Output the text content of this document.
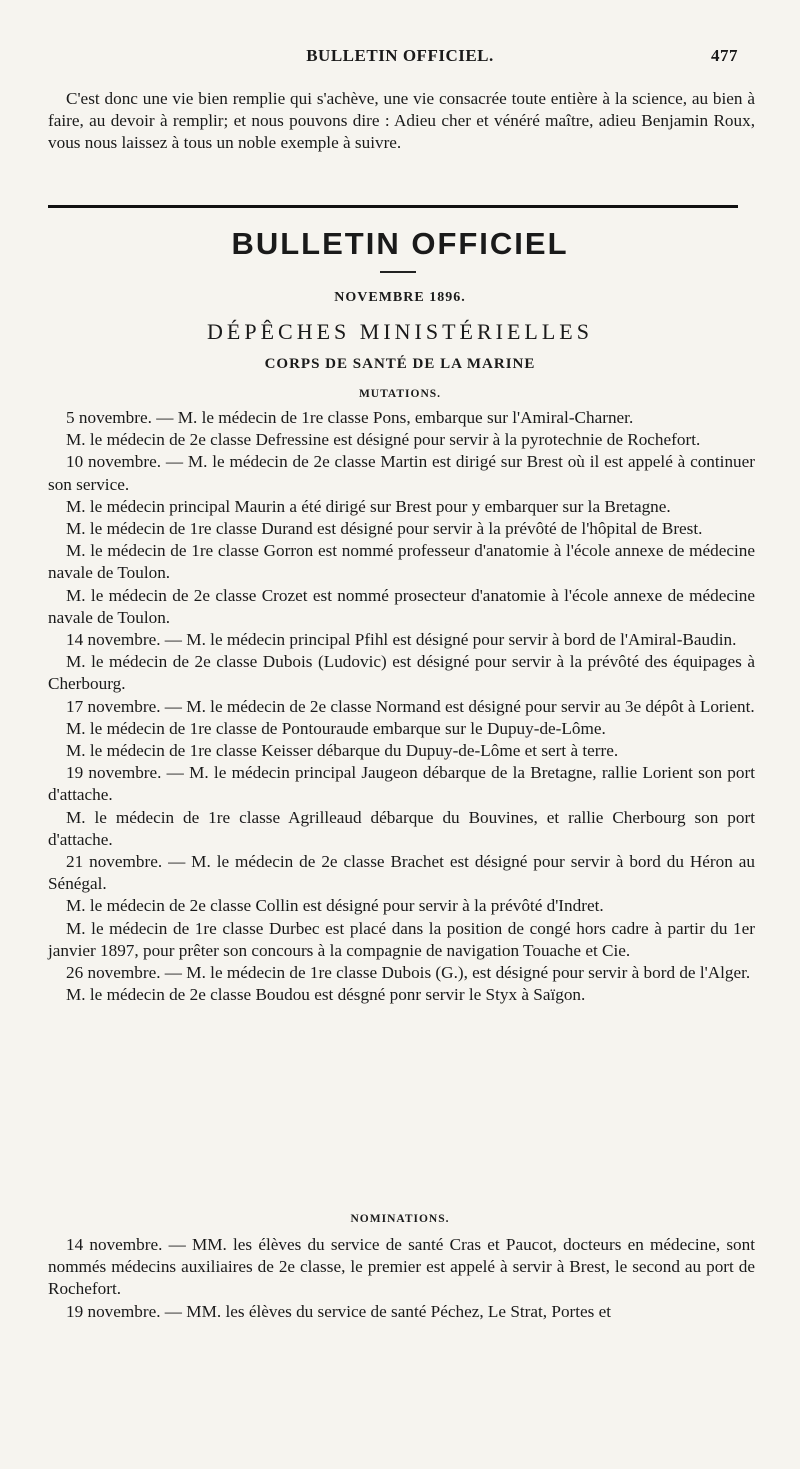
BULLETIN OFFICIEL.	477

C'est donc une vie bien remplie qui s'achève, une vie consacrée toute entière à la science, au bien à faire, au devoir à remplir; et nous pouvons dire : Adieu cher et vénéré maître, adieu Benjamin Roux, vous nous laissez à tous un noble exemple à suivre.

BULLETIN OFFICIEL
NOVEMBRE 1896.
DÉPÊCHES MINISTÉRIELLES
CORPS DE SANTÉ DE LA MARINE
MUTATIONS.

5 novembre. — M. le médecin de 1re classe Pons, embarque sur l'Amiral-Charner.

M. le médecin de 2e classe Defressine est désigné pour servir à la pyrotechnie de Rochefort.

10 novembre. — M. le médecin de 2e classe Martin est dirigé sur Brest où il est appelé à continuer son service.

M. le médecin principal Maurin a été dirigé sur Brest pour y embarquer sur la Bretagne.

M. le médecin de 1re classe Durand est désigné pour servir à la prévôté de l'hôpital de Brest.

M. le médecin de 1re classe Gorron est nommé professeur d'anatomie à l'école annexe de médecine navale de Toulon.

M. le médecin de 2e classe Crozet est nommé prosecteur d'anatomie à l'école annexe de médecine navale de Toulon.

14 novembre. — M. le médecin principal Pfihl est désigné pour servir à bord de l'Amiral-Baudin.

M. le médecin de 2e classe Dubois (Ludovic) est désigné pour servir à la prévôté des équipages à Cherbourg.

17 novembre. — M. le médecin de 2e classe Normand est désigné pour servir au 3e dépôt à Lorient.

M. le médecin de 1re classe de Pontouraude embarque sur le Dupuy-de-Lôme.

M. le médecin de 1re classe Keisser débarque du Dupuy-de-Lôme et sert à terre.

19 novembre. — M. le médecin principal Jaugeon débarque de la Bretagne, rallie Lorient son port d'attache.

M. le médecin de 1re classe Agrilleaud débarque du Bouvines, et rallie Cherbourg son port d'attache.

21 novembre. — M. le médecin de 2e classe Brachet est désigné pour servir à bord du Héron au Sénégal.

M. le médecin de 2e classe Collin est désigné pour servir à la prévôté d'Indret.

M. le médecin de 1re classe Durbec est placé dans la position de congé hors cadre à partir du 1er janvier 1897, pour prêter son concours à la compagnie de navigation Touache et Cie.

26 novembre. — M. le médecin de 1re classe Dubois (G.), est désigné pour servir à bord de l'Alger.

M. le médecin de 2e classe Boudou est désgné ponr servir le Styx à Saïgon.

NOMINATIONS.

14 novembre. — MM. les élèves du service de santé Cras et Paucot, docteurs en médecine, sont nommés médecins auxiliaires de 2e classe, le premier est appelé à servir à Brest, le second au port de Rochefort.

19 novembre. — MM. les élèves du service de santé Péchez, Le Strat, Portes et
